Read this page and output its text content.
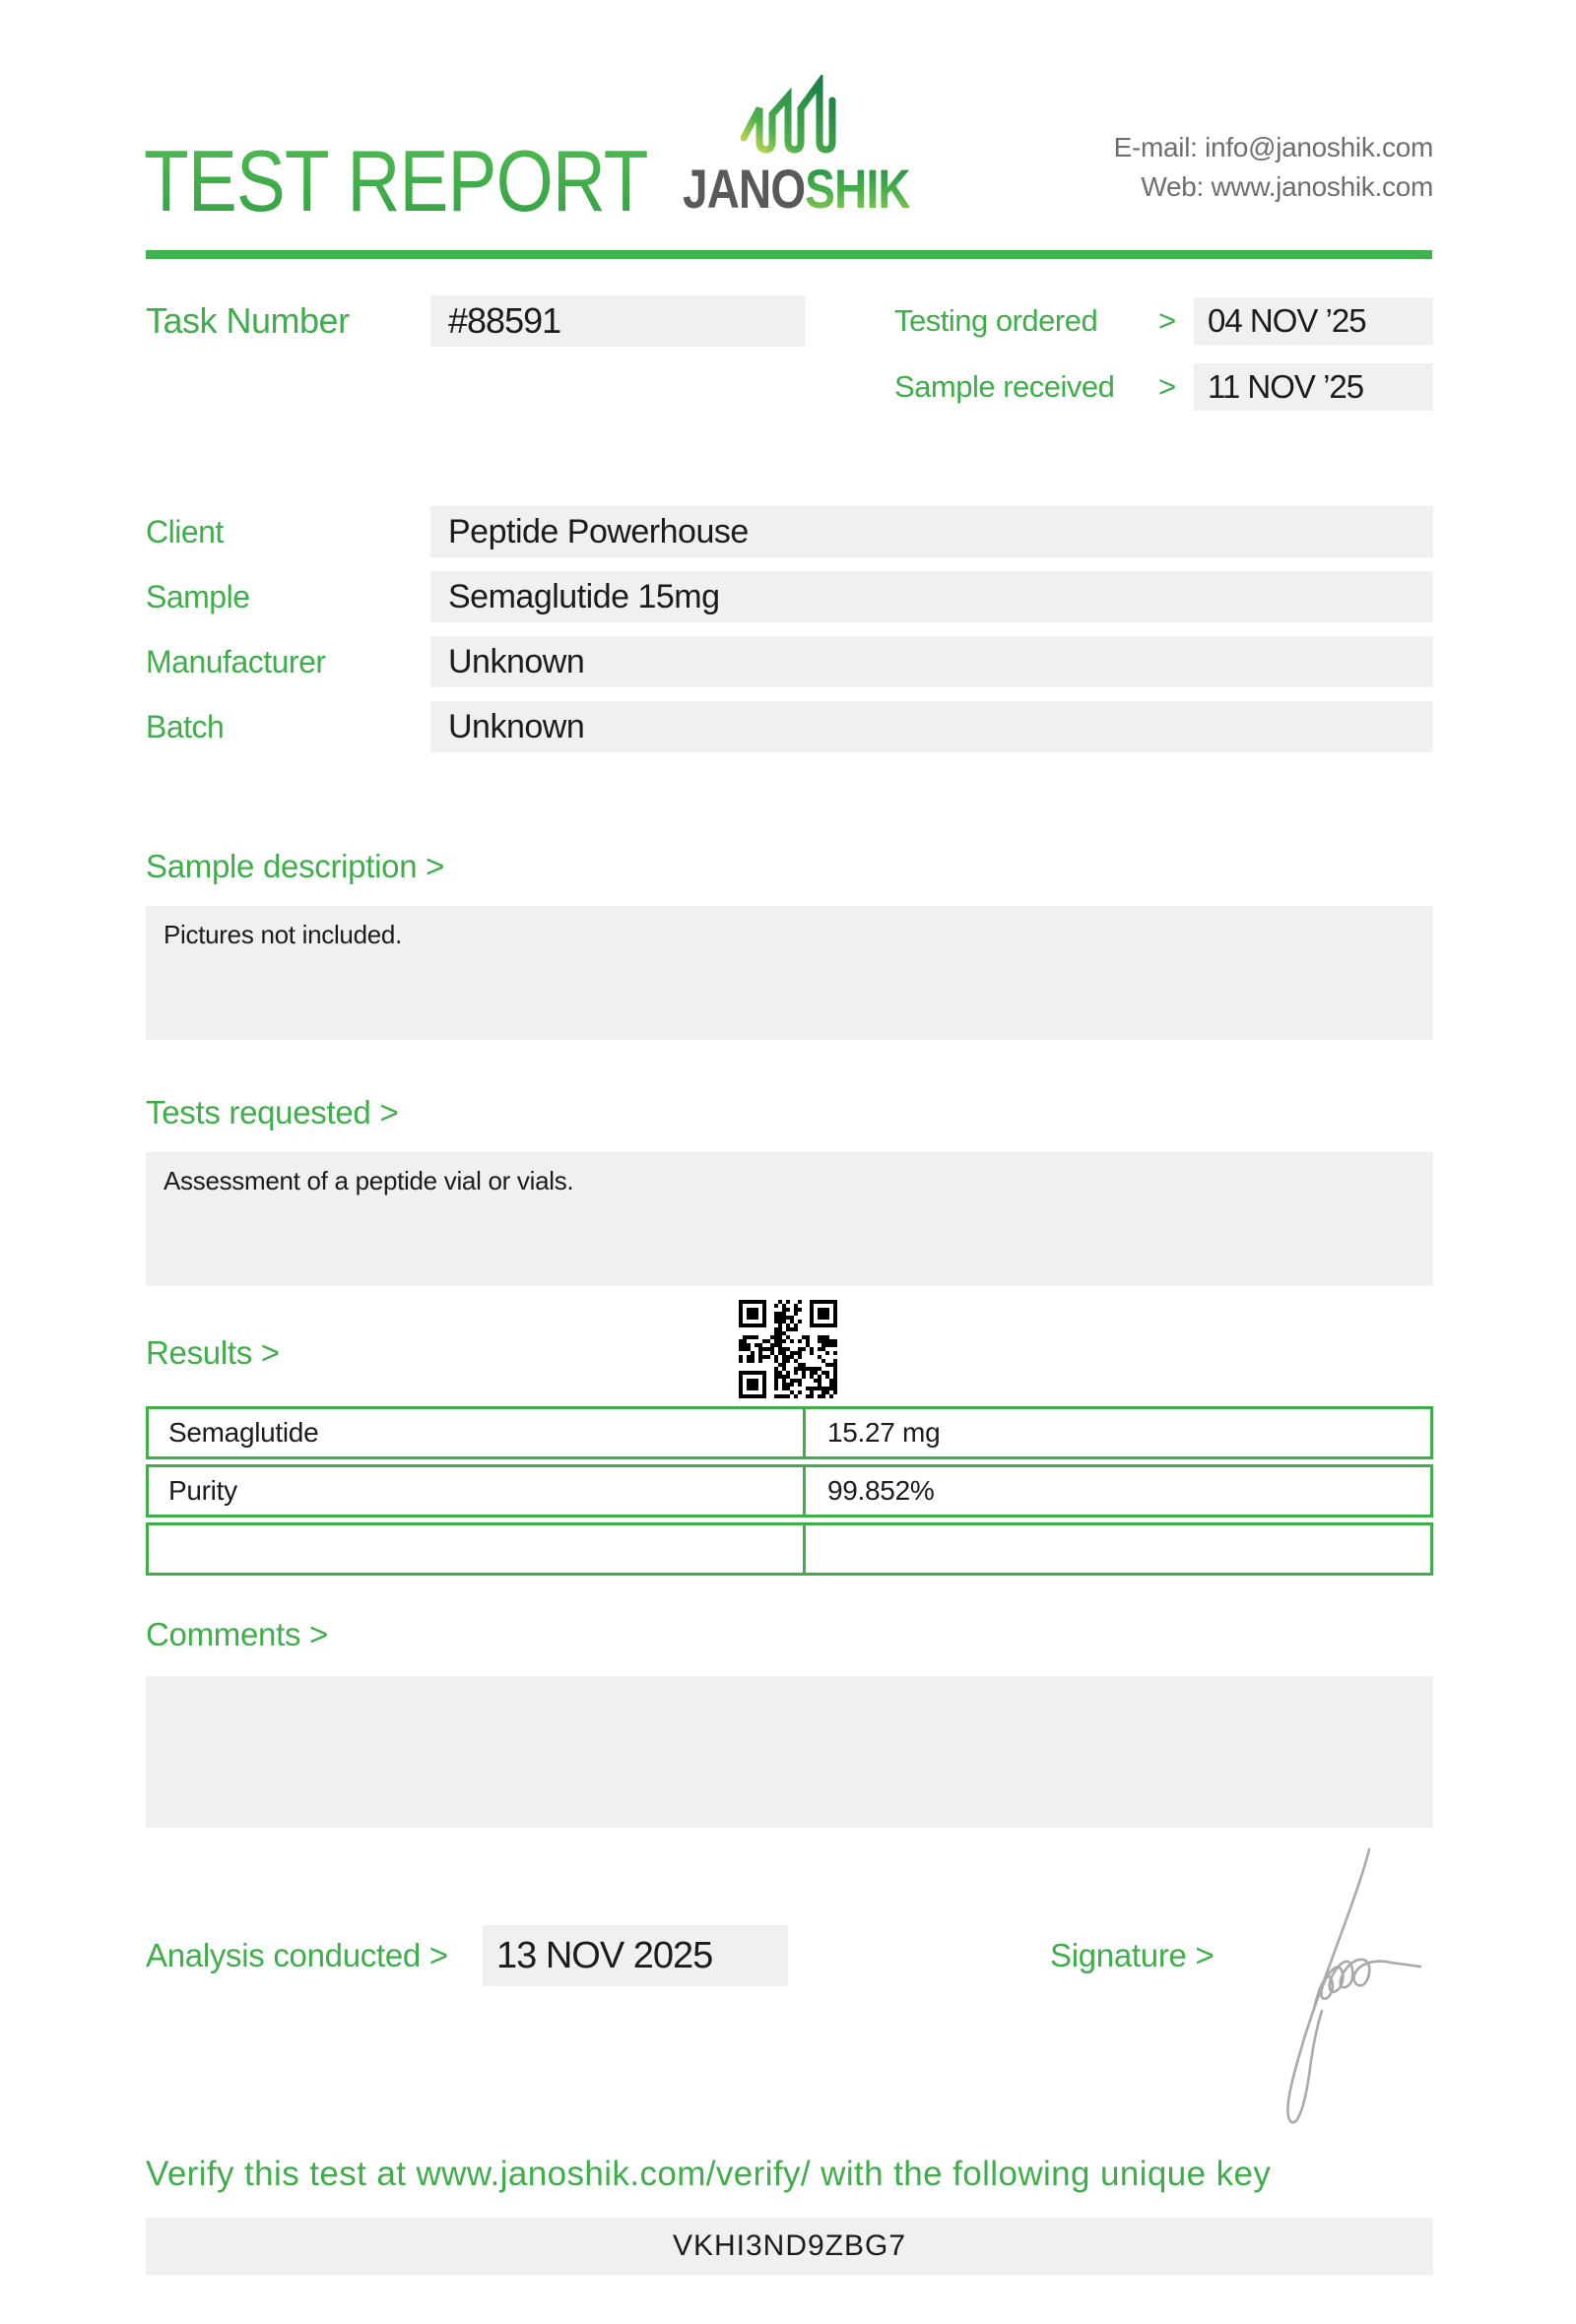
TEST REPORT JANOSHIK
E-mail: info@janoshik.com
Web: www.janoshik.com
Task Number	#88591	Testing ordered > 04 NOV ’25
Sample received > 11 NOV ’25
Client	Peptide Powerhouse
Sample	Semaglutide 15mg
Manufacturer	Unknown
Batch	Unknown
Sample description >

Pictures not included.

Tests requested >

Assessment of a peptide vial or vials.

Results >
Semaglutide	15.27 mg
Purity	99.852%
Comments >

Analysis conducted >	13 NOV 2025	Signature >
Verify this test at www.janoshik.com/verify/ with the following unique key
VKHI3ND9ZBG7
